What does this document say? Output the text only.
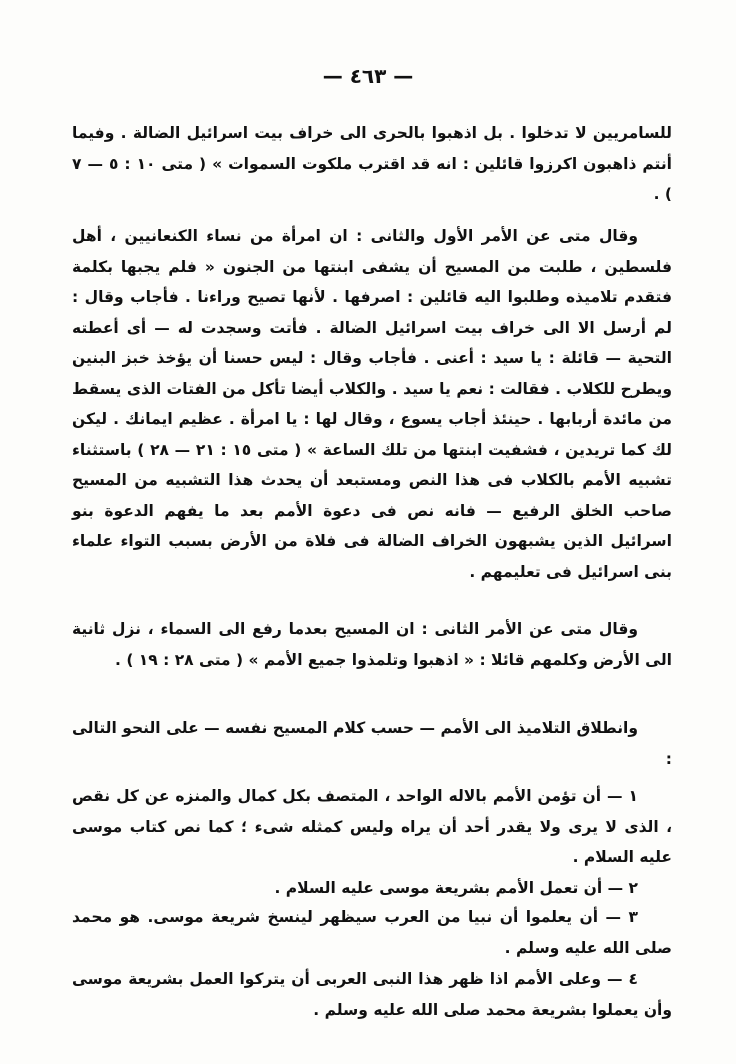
— ٤٦٣ —

للسامريين لا تدخلوا . بل اذهبوا بالحرى الى خراف بيت اسرائيل الضالة . وفيما أنتم ذاهبون اكرزوا قائلين : انه قد اقترب ملكوت السموات » ( متى ١٠ : ٥ — ٧ ) .

وقال متى عن الأمر الأول والثانى : ان امرأة من نساء الكنعانيين ، أهل فلسطين ، طلبت من المسيح أن يشفى ابنتها من الجنون « فلم يجبها بكلمة فتقدم تلاميذه وطلبوا اليه قائلين : اصرفها . لأنها تصيح وراءنا . فأجاب وقال : لم أرسل الا الى خراف بيت اسرائيل الضالة . فأتت وسجدت له — أى أعطته التحية — قائلة : يا سيد : أعنى . فأجاب وقال : ليس حسنا أن يؤخذ خبز البنين ويطرح للكلاب . فقالت : نعم يا سيد . والكلاب أيضا تأكل من الفتات الذى يسقط من مائدة أربابها . حينئذ أجاب يسوع ، وقال لها : يا امرأة . عظيم ايمانك . ليكن لك كما تريدين ، فشفيت ابنتها من تلك الساعة » ( متى ١٥ : ٢١ — ٢٨ ) باستثناء تشبيه الأمم بالكلاب فى هذا النص ومستبعد أن يحدث هذا التشبيه من المسيح صاحب الخلق الرفيع — فانه نص فى دعوة الأمم بعد ما يفهم الدعوة بنو اسرائيل الذين يشبهون الخراف الضالة فى فلاة من الأرض بسبب التواء علماء بنى اسرائيل فى تعليمهم .

وقال متى عن الأمر الثانى : ان المسيح بعدما رفع الى السماء ، نزل ثانية الى الأرض وكلمهم قائلا : « اذهبوا وتلمذوا جميع الأمم » ( متى ٢٨ : ١٩ ) .

وانطلاق التلاميذ الى الأمم — حسب كلام المسيح نفسه — على النحو التالى :

١ — أن تؤمن الأمم بالاله الواحد ، المتصف بكل كمال والمنزه عن كل نقص ، الذى لا يرى ولا يقدر أحد أن يراه وليس كمثله شىء ؛ كما نص كتاب موسى عليه السلام .

٢ — أن تعمل الأمم بشريعة موسى عليه السلام .

٣ — أن يعلموا أن نبيا من العرب سيظهر لينسخ شريعة موسى. هو محمد صلى الله عليه وسلم .

٤ — وعلى الأمم اذا ظهر هذا النبى العربى أن يتركوا العمل بشريعة موسى وأن يعملوا بشريعة محمد صلى الله عليه وسلم .
